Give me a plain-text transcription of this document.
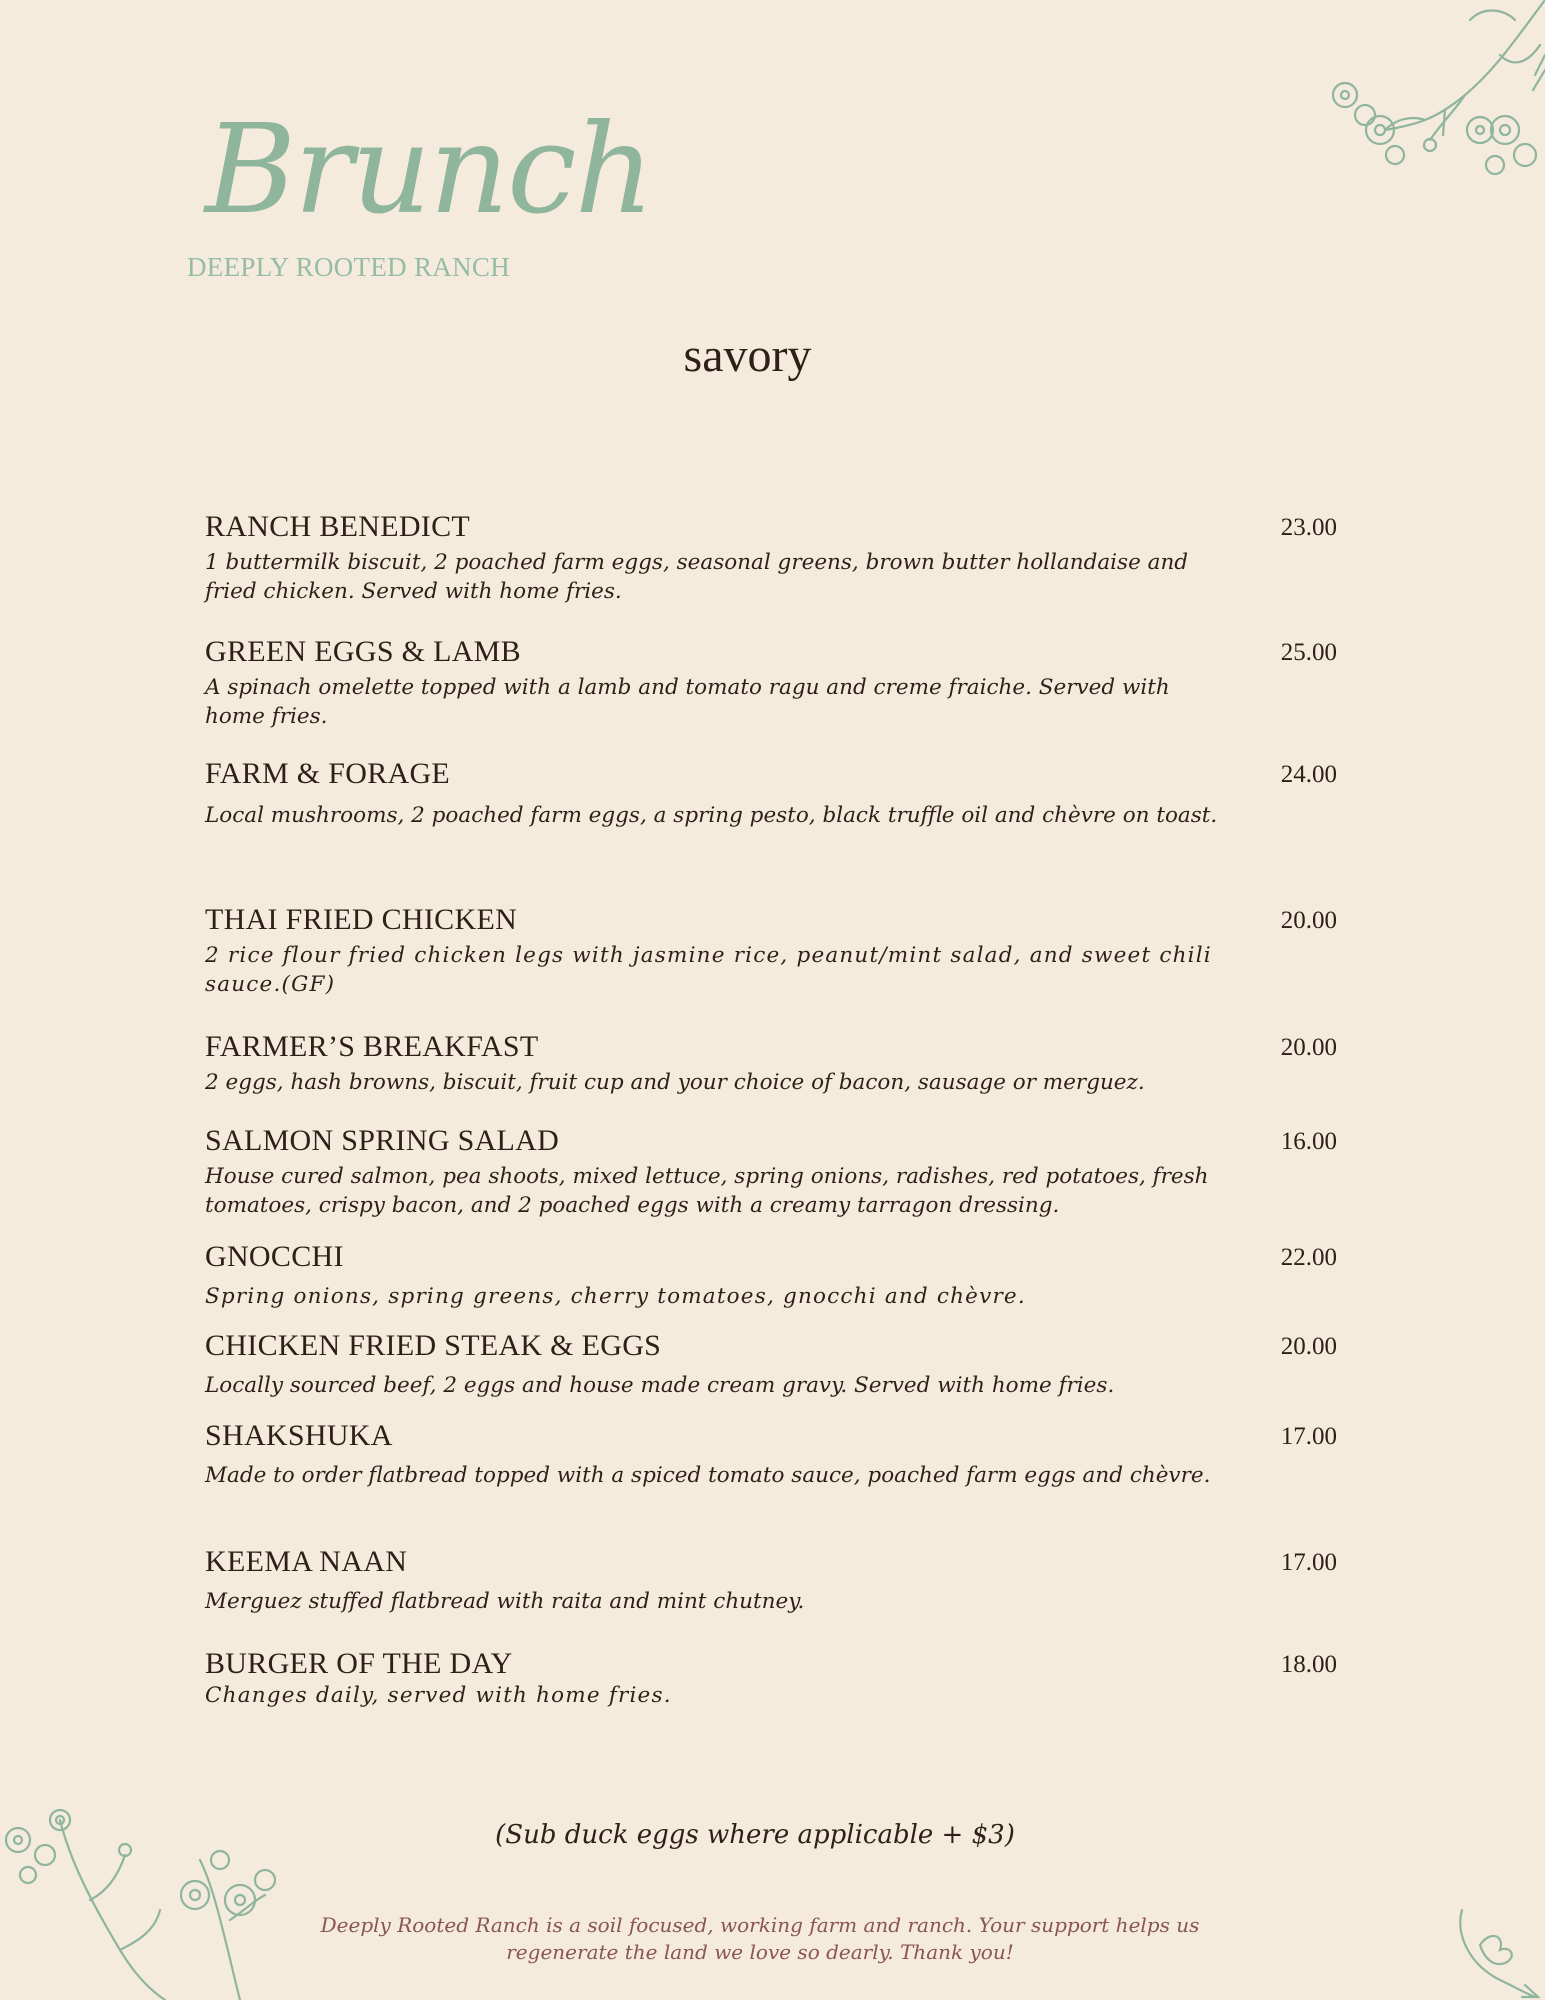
Brunch
DEEPLY ROOTED RANCH
savory
RANCH BENEDICT
1 buttermilk biscuit, 2 poached farm eggs, seasonal greens, brown butter hollandaise and fried chicken. Served with home fries.
23.00
GREEN EGGS & LAMB
A spinach omelette topped with a lamb and tomato ragu and creme fraiche. Served with home fries.
25.00
FARM & FORAGE
Local mushrooms, 2 poached farm eggs, a spring pesto, black truffle oil and chèvre on toast.
24.00
THAI FRIED CHICKEN
2 rice flour fried chicken legs with jasmine rice, peanut/mint salad, and sweet chili sauce.(GF)
20.00
FARMER’S BREAKFAST
2 eggs, hash browns, biscuit, fruit cup and your choice of bacon, sausage or merguez.
20.00
SALMON SPRING SALAD
House cured salmon, pea shoots, mixed lettuce, spring onions, radishes, red potatoes, fresh tomatoes, crispy bacon, and 2 poached eggs with a creamy tarragon dressing.
16.00
GNOCCHI
Spring onions, spring greens, cherry tomatoes, gnocchi and chèvre.
22.00
CHICKEN FRIED STEAK & EGGS
Locally sourced beef, 2 eggs and house made cream gravy. Served with home fries.
20.00
SHAKSHUKA
Made to order flatbread topped with a spiced tomato sauce, poached farm eggs and chèvre.
17.00
KEEMA NAAN
Merguez stuffed flatbread with raita and mint chutney.
17.00
BURGER OF THE DAY
Changes daily, served with home fries.
18.00
(Sub duck eggs where applicable + $3)
Deeply Rooted Ranch is a soil focused, working farm and ranch. Your support helps us regenerate the land we love so dearly. Thank you!
